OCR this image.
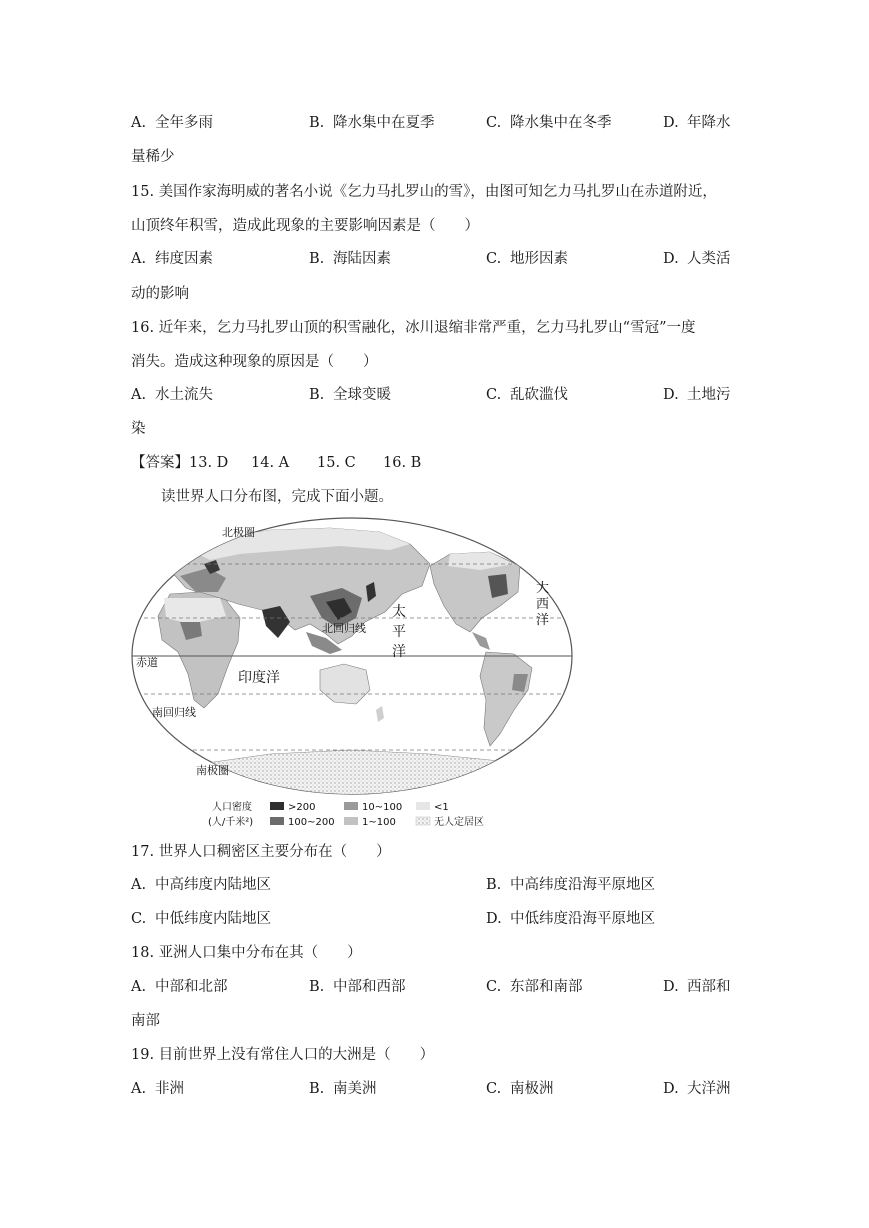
A. 全年多雨	B. 降水集中在夏季	C. 降水集中在冬季	D. 年降水
量稀少
15. 美国作家海明威的著名小说《乞力马扎罗山的雪》，由图可知乞力马扎罗山在赤道附近，
山顶终年积雪，造成此现象的主要影响因素是（　　）
A. 纬度因素	B. 海陆因素	C. 地形因素	D. 人类活
动的影响
16. 近年来，乞力马扎罗山顶的积雪融化，冰川退缩非常严重，乞力马扎罗山“雪冠”一度
消失。造成这种现象的原因是（　　）
A. 水土流失	B. 全球变暖	C. 乱砍滥伐	D. 土地污
染
【答案】13. D 14. A 15. C 16. B
读世界人口分布图，完成下面小题。
北极圈
大
西
洋
太
平
洋
北回归线
赤道
印度洋
南回归线
南极圈
人口密度
(人/千米²)
>200
100~200
10~100
1~100
<1
无人定居区
17. 世界人口稠密区主要分布在（　　）
A. 中高纬度内陆地区	B. 中高纬度沿海平原地区
C. 中低纬度内陆地区	D. 中低纬度沿海平原地区
18. 亚洲人口集中分布在其（　　）
A. 中部和北部	B. 中部和西部	C. 东部和南部	D. 西部和
南部
19. 目前世界上没有常住人口的大洲是（　　）
A. 非洲	B. 南美洲	C. 南极洲	D. 大洋洲
